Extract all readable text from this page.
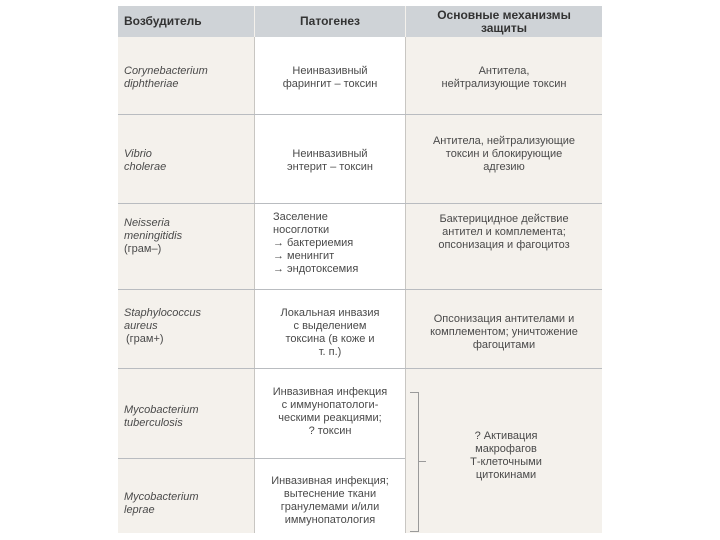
Возбудитель	Патогенез	Основные механизмы
защиты
Corynebacterium
diphtheriae
Неинвазивный
фарингит – токсин
Антитела,
нейтрализующие токсин
Vibrio
cholerae
Неинвазивный
энтерит – токсин
Антитела, нейтрализующие
токсин и блокирующие
адгезию
Neisseria
meningitidis
(грам–)
Заселение
носоглотки
→ бактериемия
→ менингит
→ эндотоксемия
Бактерицидное действие
антител и комплемента;
опсонизация и фагоцитоз
Staphylococcus
aureus
(грам+)
Локальная инвазия
с выделением
токсина (в коже и
т. п.)
Опсонизация антителами и
комплементом; уничтожение
фагоцитами
Mycobacterium
tuberculosis
Инвазивная инфекция
с иммунопатологи-
ческими реакциями;
? токсин
Mycobacterium
leprae
Инвазивная инфекция;
вытеснение ткани
гранулемами и/или
иммунопатология
? Активация
макрофагов
Т-клеточными
цитокинами
